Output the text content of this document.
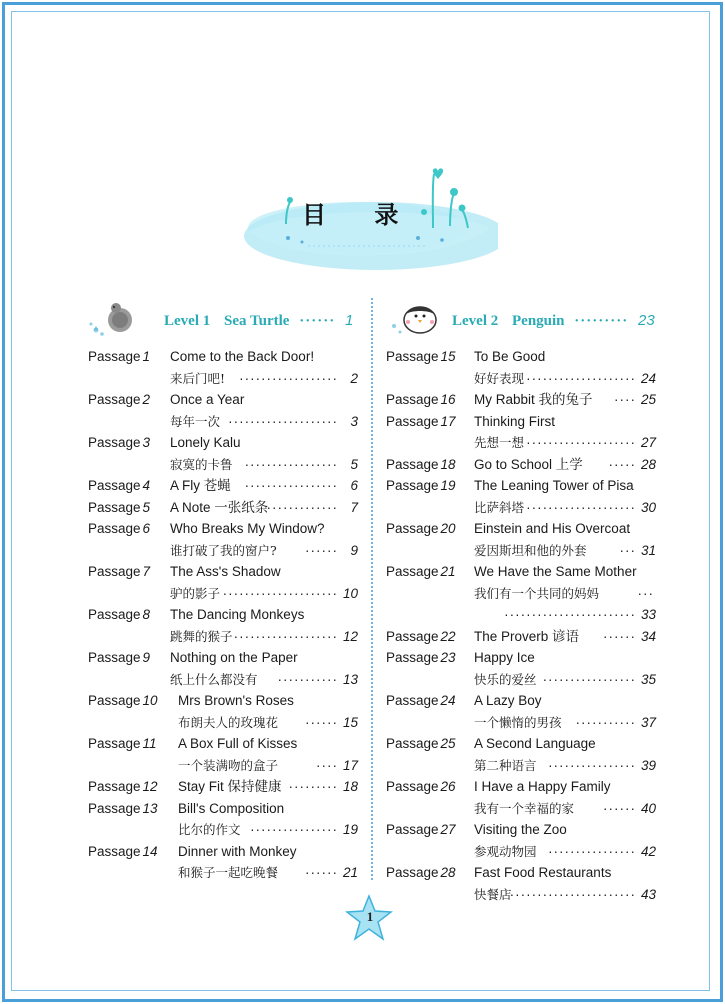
目 录
Level 1 Sea Turtle ······ 1
Passage 1 Come to the Back Door!
来后门吧! ·················· 2
Passage 2 Once a Year
每年一次 ···················· 3
Passage 3 Lonely Kalu
寂寞的卡鲁 ················· 5
Passage 4 A Fly 苍蝇 ················· 6
Passage 5 A Note 一张纸条
············· 7
Passage 6 Who Breaks My Window?
谁打破了我的窗户? ······ 9
Passage 7 The Ass's Shadow
驴的影子 ····················· 10
Passage 8 The Dancing Monkeys
跳舞的猴子 ··················· 12
Passage 9 Nothing on the Paper
纸上什么都没有 ··········· 13
Passage 10 Mrs Brown's Roses
布朗夫人的玫瑰花 ······ 15
Passage 11 A Box Full of Kisses
一个装满吻的盒子	···· 17
Passage 12 Stay Fit 保持健康 ········· 18
Passage 13 Bill's Composition
比尔的作文 ················ 19
Passage 14 Dinner with Monkey
和猴子一起吃晚餐 ······ 21
Level 2 Penguin ········· 23
Passage 15 To Be Good
好好表现 ···················· 24
Passage 16 My Rabbit 我的兔子 ···· 25
Passage 17 Thinking First
先想一想 ···················· 27
Passage 18 Go to School 上学 ····· 28
Passage 19 The Leaning Tower of Pisa
比萨斜塔 ···················· 30
Passage 20 Einstein and His Overcoat
爱因斯坦和他的外套 ··· 31
Passage 21 We Have the Same Mother
我们有一个共同的妈妈	···
························ 33
Passage 22 The Proverb 谚语 ······ 34
Passage 23 Happy Ice
快乐的爱丝 ················· 35
Passage 24 A Lazy Boy
一个懒惰的男孩 ··········· 37
Passage 25 A Second Language
第二种语言 ················ 39
Passage 26 I Have a Happy Family
我有一个幸福的家 ······ 40
Passage 27 Visiting the Zoo
参观动物园 ················ 42
Passage 28 Fast Food Restaurants
快餐店
······················· 43
1
